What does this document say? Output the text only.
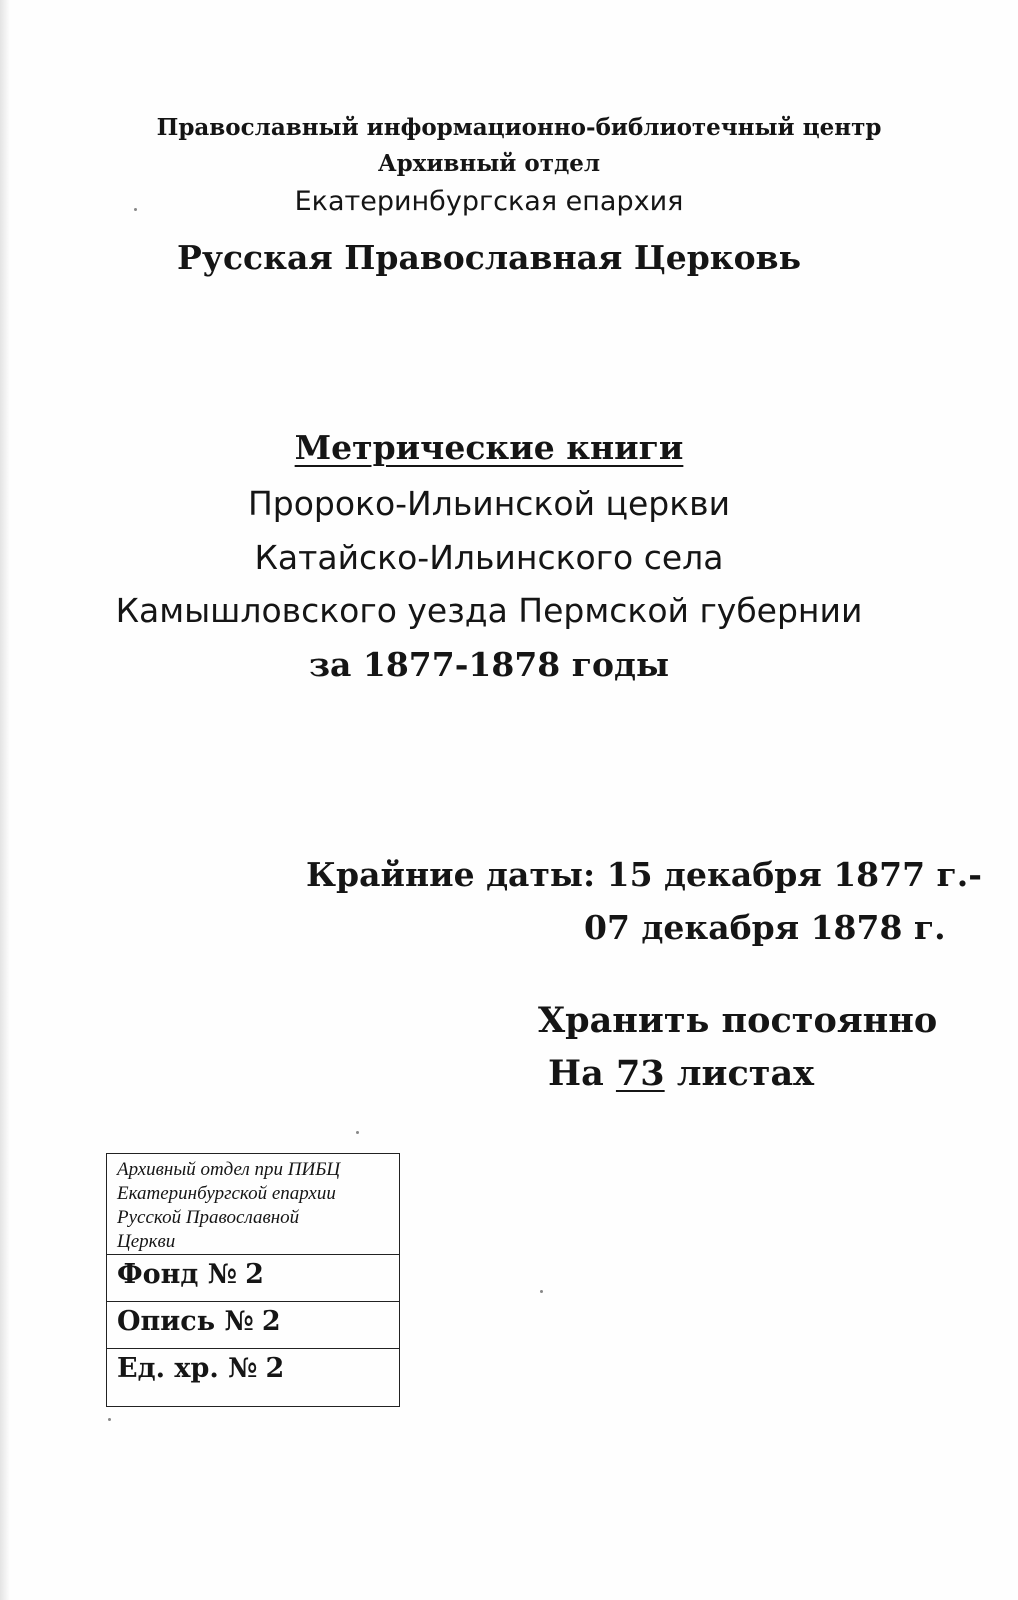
Православный информационно-библиотечный центр
Архивный отдел
Екатеринбургская епархия
Русская Православная Церковь
Метрические книги
Пророко-Ильинской церкви
Катайско-Ильинского села
Камышловского уезда Пермской губернии
за 1877-1878 годы
Крайние даты: 15 декабря 1877 г.-
07 декабря 1878 г.
Хранить постоянно
На 73 листах
Архивный отдел при ПИБЦ
Екатеринбургской епархии
Русской Православной
Церкви
Фонд № 2
Опись № 2
Ед. хр. № 2
